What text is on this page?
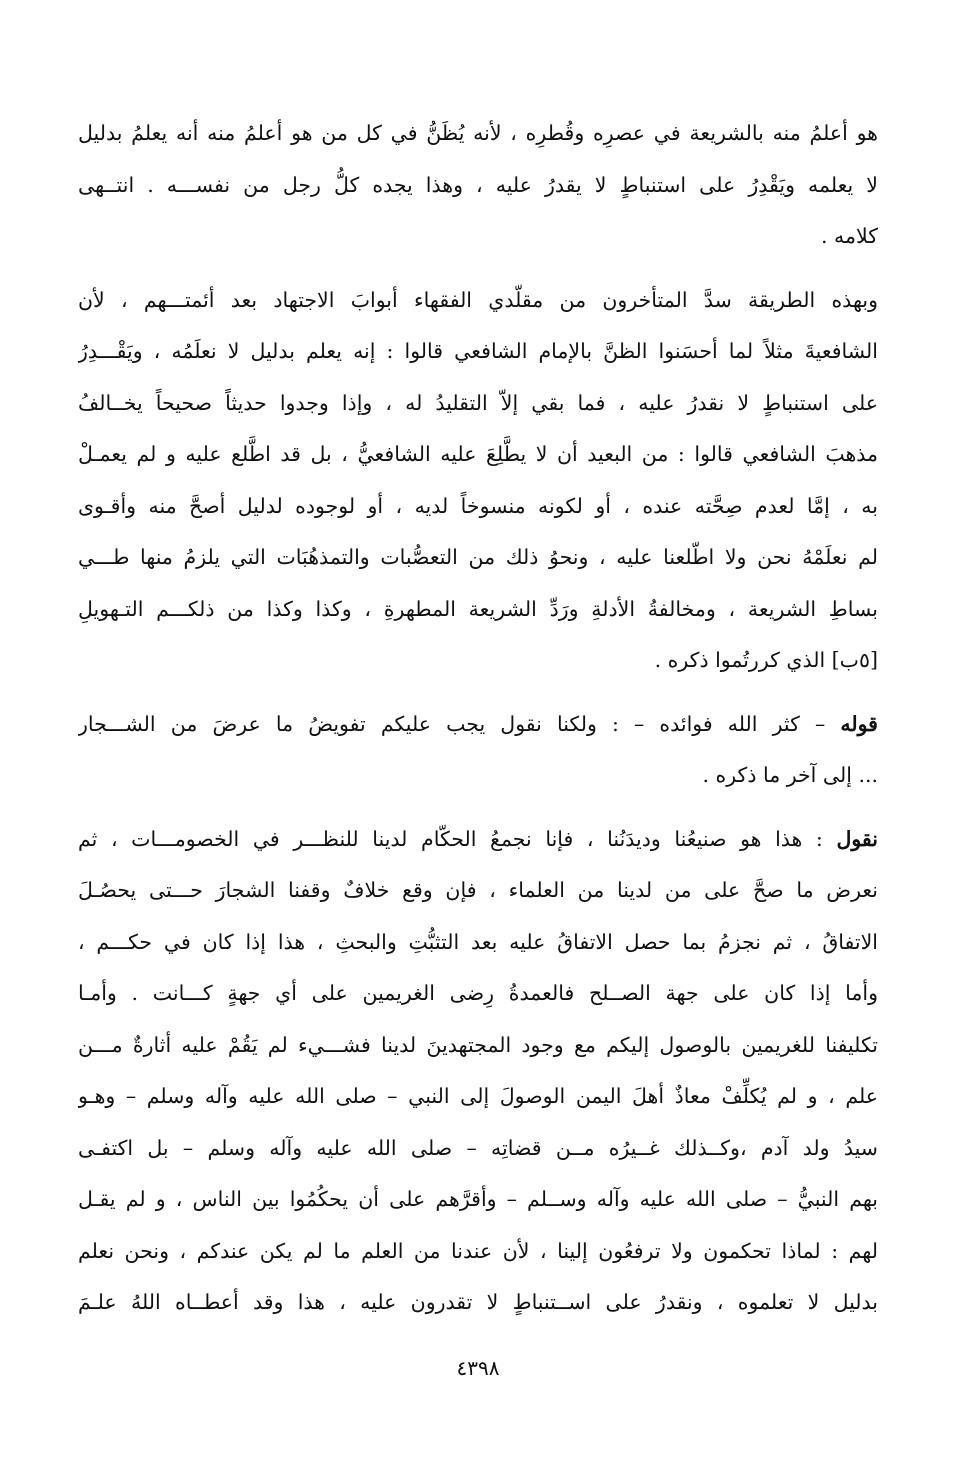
هو أعلمُ منه بالشريعة في عصرِه وقُطرِه ، لأنه يُظَنُّ في كل من هو أعلمُ منه أنه يعلمُ بدليل
لا يعلمه ويَقْدِرُ على استنباطٍ لا يقدرُ عليه ، وهذا يجده كلُّ رجل من نفســـه . انتــهى
كلامه .
وبهذه الطريقة سدَّ المتأخرون من مقلّدي الفقهاء أبوابَ الاجتهاد بعد أئمتـــهم ، لأن
الشافعيةَ مثلاً لما أحسَنوا الظنَّ بالإمام الشافعي قالوا : إنه يعلم بدليل لا نعلَمُه ، ويَقْـــدِرُ
على استنباطٍ لا نقدرُ عليه ، فما بقي إلاّ التقليدُ له ، وإذا وجدوا حديثاً صحيحاً يخــالفُ
مذهبَ الشافعي قالوا : من البعيد أن لا يطَّلِعَ عليه الشافعيُّ ، بل قد اطَّلع عليه و لم يعمـلْ
به ، إمَّا لعدم صِحَّته عنده ، أو لكونه منسوخاً لديه ، أو لوجوده لدليل أصحَّ منه وأقـوى
لم نعلَمْهُ نحن ولا اطّلعنا عليه ، ونحوُ ذلك من التعصُّبات والتمذهُبَات التي يلزمُ منها طـــي
بساطِ الشريعة ، ومخالفةُ الأدلةِ ورَدِّ الشريعة المطهرةِ ، وكذا وكذا من ذلكـــم التـهويلِ
[٥ب] الذي كررتُموا ذكره .
قوله – كثر الله فوائده – : ولكنا نقول يجب عليكم تفويضُ ما عرضَ من الشـــجار
... إلى آخر ما ذكره .
نقول : هذا هو صنيعُنا وديدَنُنا ، فإنا نجمعُ الحكّام لدينا للنظـــر في الخصومـــات ، ثم
نعرض ما صحَّ على من لدينا من العلماء ، فإن وقع خلافٌ وقفنا الشجارَ حـــتى يحصُـلَ
الاتفاقُ ، ثم نجزمُ بما حصل الاتفاقُ عليه بعد التثبُّتِ والبحثِ ، هذا إذا كان في حكـــم ،
وأما إذا كان على جهة الصــلح فالعمدةُ رِضى الغريمين على أي جهةٍ كـــانت . وأمـا
تكليفنا للغريمين بالوصول إليكم مع وجود المجتهدينَ لدينا فشـــيء لم يَقُمْ عليه أثارةٌ مـــن
علم ، و لم يُكلِّفْ معاذٌ أهلَ اليمن الوصولَ إلى النبي – صلى الله عليه وآله وسلم – وهـو
سيدُ ولد آدم ،وكــذلك غــيرُه مــن قضاتِه – صلى الله عليه وآله وسلم – بل اكتفـى
بهم النبيُّ – صلى الله عليه وآله وســلم – وأقرَّهم على أن يحكُمُوا بين الناس ، و لم يقـل
لهم : لماذا تحكمون ولا ترفعُون إلينا ، لأن عندنا من العلم ما لم يكن عندكم ، ونحن نعلم
بدليل لا تعلموه ، ونقدرُ على اســتنباطٍ لا تقدرون عليه ، هذا وقد أعطــاه اللهُ علـمَ
٤٣٩٨
